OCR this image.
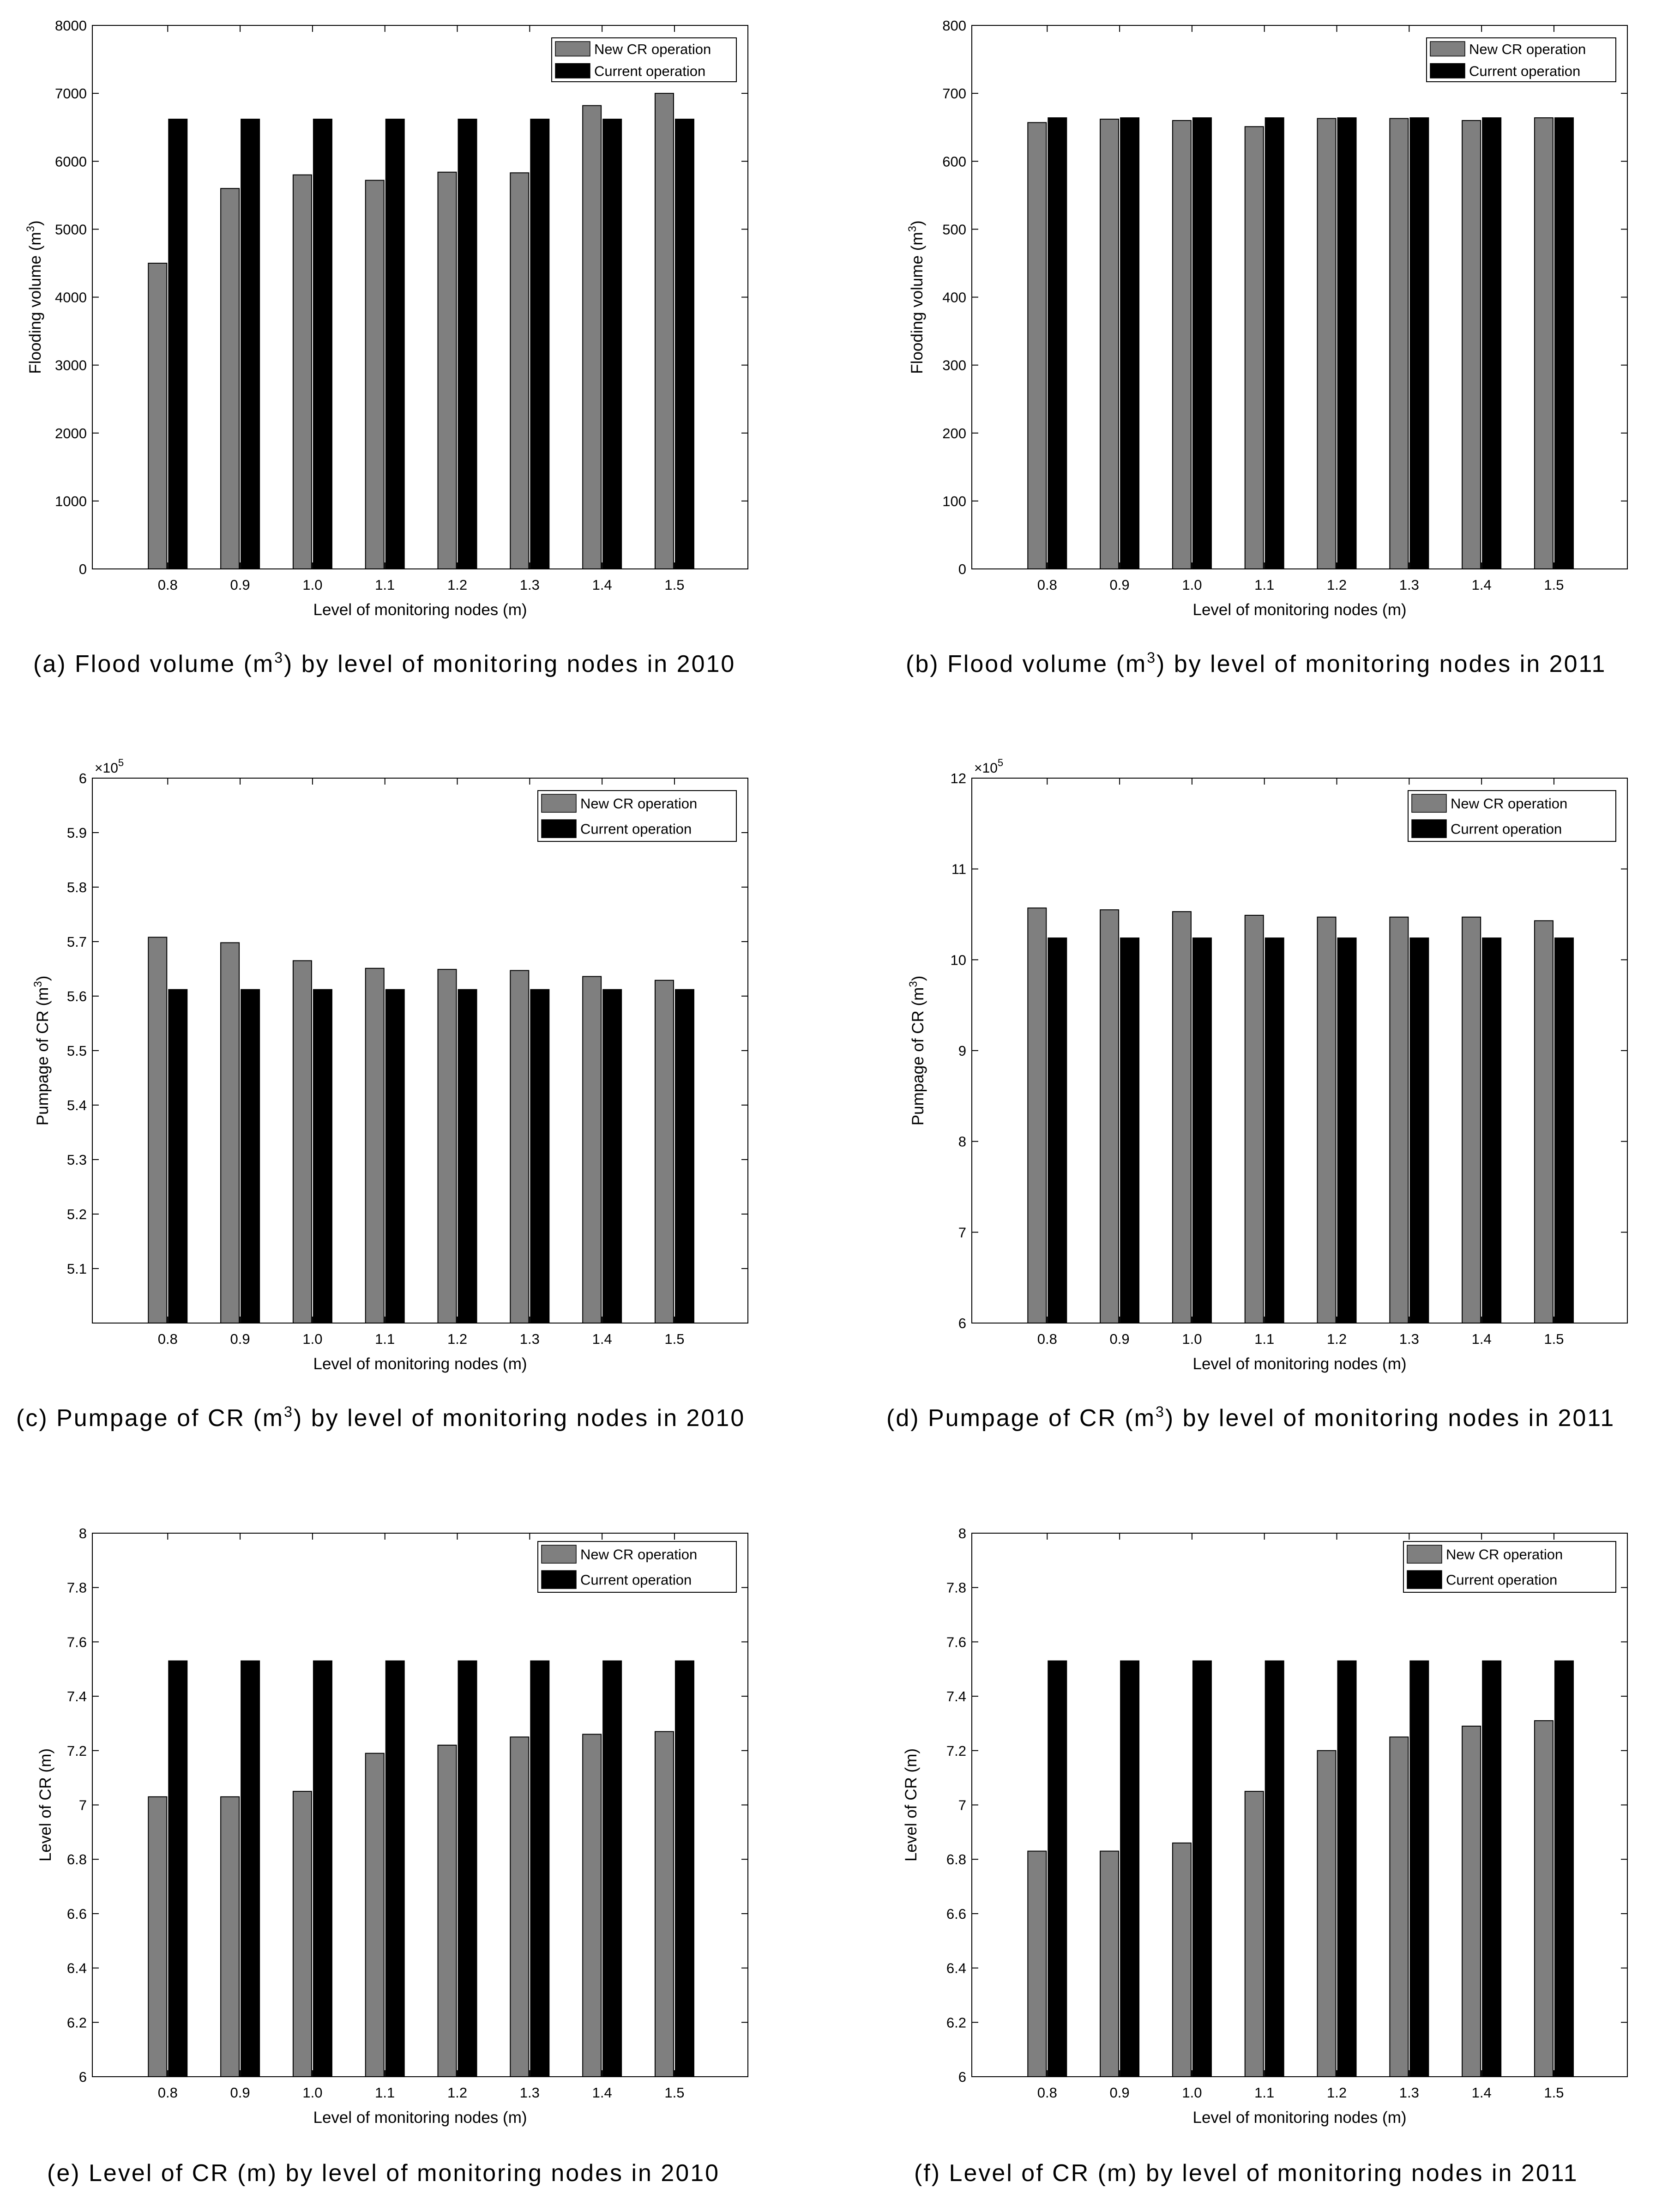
0
1000
2000
3000
4000
5000
6000
7000
8000
0.8	0.9	1.0	1.1	1.2	1.3	1.4	1.5
Level of monitoring nodes (m)
Flooding volume $(m^3)$
New CR operation
Current operation
(a) Flood volume $(m^3)$ by level of monitoring nodes in 2010
0
100
200
300
400
500
600
700
800
0.8	0.9	1.0	1.1	1.2	1.3	1.4	1.5
Level of monitoring nodes (m)
Flooding volume $(m^3)$
New CR operation
Current operation
(b) Flood volume $(m^3)$ by level of monitoring nodes in 2011
5.1
5.2
5.3
5.4
5.5
5.6
5.7
5.8
5.9
6
0.8	0.9	1.0	1.1	1.2	1.3	1.4	1.5
Level of monitoring nodes (m)
Pumpage of CR $(m^3)$
$\times 10^5$
New CR operation
Current operation
(c) Pumpage of CR $(m^3)$ by level of monitoring nodes in 2010
6
7
8
9
10
11
12
0.8	0.9	1.0	1.1	1.2	1.3	1.4	1.5
Level of monitoring nodes (m)
Pumpage of CR $(m^3)$
$\times 10^5$
New CR operation
Current operation
(d) Pumpage of CR $(m^3)$ by level of monitoring nodes in 2011
6
6.2
6.4
6.6
6.8
7
7.2
7.4
7.6
7.8
8
0.8	0.9	1.0	1.1	1.2	1.3	1.4	1.5
Level of monitoring nodes (m)
Level of CR (m)
New CR operation
Current operation
(e) Level of CR (m) by level of monitoring nodes in 2010
6
6.2
6.4
6.6
6.8
7
7.2
7.4
7.6
7.8
8
0.8	0.9	1.0	1.1	1.2	1.3	1.4	1.5
Level of monitoring nodes (m)
Level of CR (m)
New CR operation
Current operation
(f) Level of CR (m) by level of monitoring nodes in 2011
